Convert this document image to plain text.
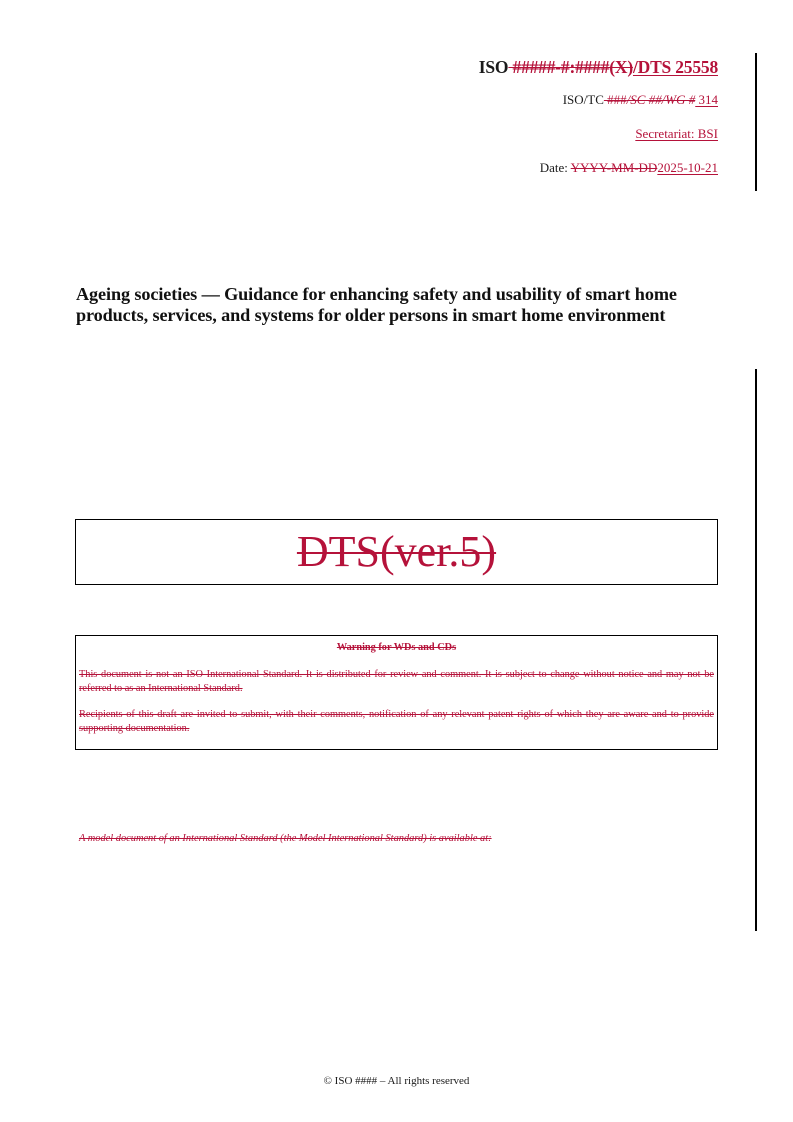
ISO #####-#:####(X)/DTS 25558
ISO/TC ###/SC ##/WG # 314
Secretariat: BSI
Date: YYYY-MM-DD2025-10-21
Ageing societies — Guidance for enhancing safety and usability of smart home products, services, and systems for older persons in smart home environment
DTS(ver.5)
Warning for WDs and CDs
This document is not an ISO International Standard. It is distributed for review and comment. It is subject to change without notice and may not be referred to as an International Standard.
Recipients of this draft are invited to submit, with their comments, notification of any relevant patent rights of which they are aware and to provide supporting documentation.
A model document of an International Standard (the Model International Standard) is available at:
© ISO #### – All rights reserved
